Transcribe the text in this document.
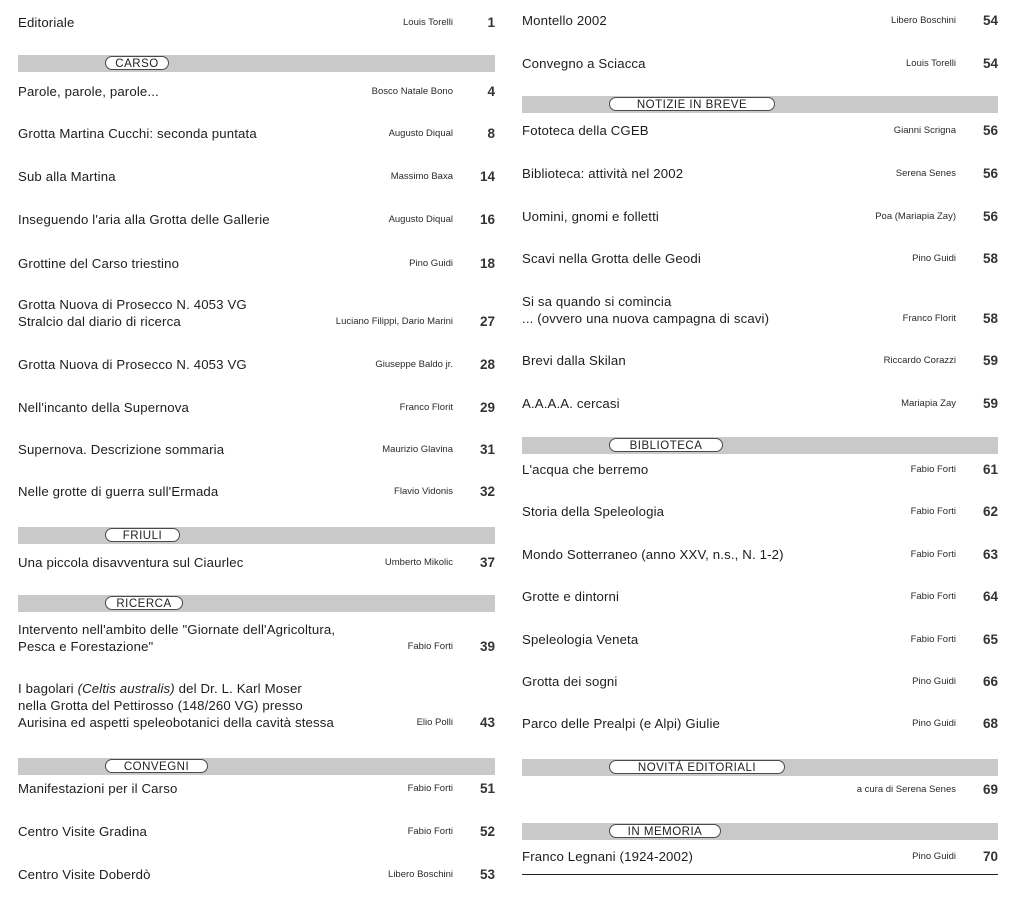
Editoriale	Louis Torelli	1
CARSO
Parole, parole, parole...	Bosco Natale Bono	4
Grotta Martina Cucchi: seconda puntata	Augusto Diqual	8
Sub alla Martina	Massimo Baxa	14
Inseguendo l'aria alla Grotta delle Gallerie	Augusto Diqual	16
Grottine del Carso triestino	Pino Guidi	18
Grotta Nuova di Prosecco N. 4053 VG
Stralcio dal diario di ricerca	Luciano Filippi, Dario Marini	27
Grotta Nuova di Prosecco N. 4053 VG	Giuseppe Baldo jr.	28
Nell'incanto della Supernova	Franco Florit	29
Supernova. Descrizione sommaria	Maurizio Glavina	31
Nelle grotte di guerra sull'Ermada	Flavio Vidonis	32
FRIULI
Una piccola disavventura sul Ciaurlec	Umberto Mikolic	37
RICERCA
Intervento nell'ambito delle "Giornate dell'Agricoltura,
Pesca e Forestazione"	Fabio Forti	39
I bagolari (Celtis australis) del Dr. L. Karl Moser
nella Grotta del Pettirosso (148/260 VG) presso
Aurisina ed aspetti speleobotanici della cavità stessa	Elio Polli	43
CONVEGNI
Manifestazioni per il Carso	Fabio Forti	51
Centro Visite Gradina	Fabio Forti	52
Centro Visite Doberdò	Libero Boschini	53
Montello 2002	Libero Boschini	54
Convegno a Sciacca	Louis Torelli	54
NOTIZIE IN BREVE
Fototeca della CGEB	Gianni Scrigna	56
Biblioteca: attività nel 2002	Serena Senes	56
Uomini, gnomi e folletti	Poa (Mariapia Zay)	56
Scavi nella Grotta delle Geodi	Pino Guidi	58
Si sa quando si comincia
... (ovvero una nuova campagna di scavi)	Franco Florit	58
Brevi dalla Skilan	Riccardo Corazzi	59
A.A.A.A. cercasi	Mariapia Zay	59
BIBLIOTECA
L'acqua che berremo	Fabio Forti	61
Storia della Speleologia	Fabio Forti	62
Mondo Sotterraneo (anno XXV, n.s., N. 1-2)	Fabio Forti	63
Grotte e dintorni	Fabio Forti	64
Speleologia Veneta	Fabio Forti	65
Grotta dei sogni	Pino Guidi	66
Parco delle Prealpi (e Alpi) Giulie	Pino Guidi	68
NOVITÀ EDITORIALI
a cura di Serena Senes	69
IN MEMORIA
Franco Legnani (1924-2002)	Pino Guidi	70
